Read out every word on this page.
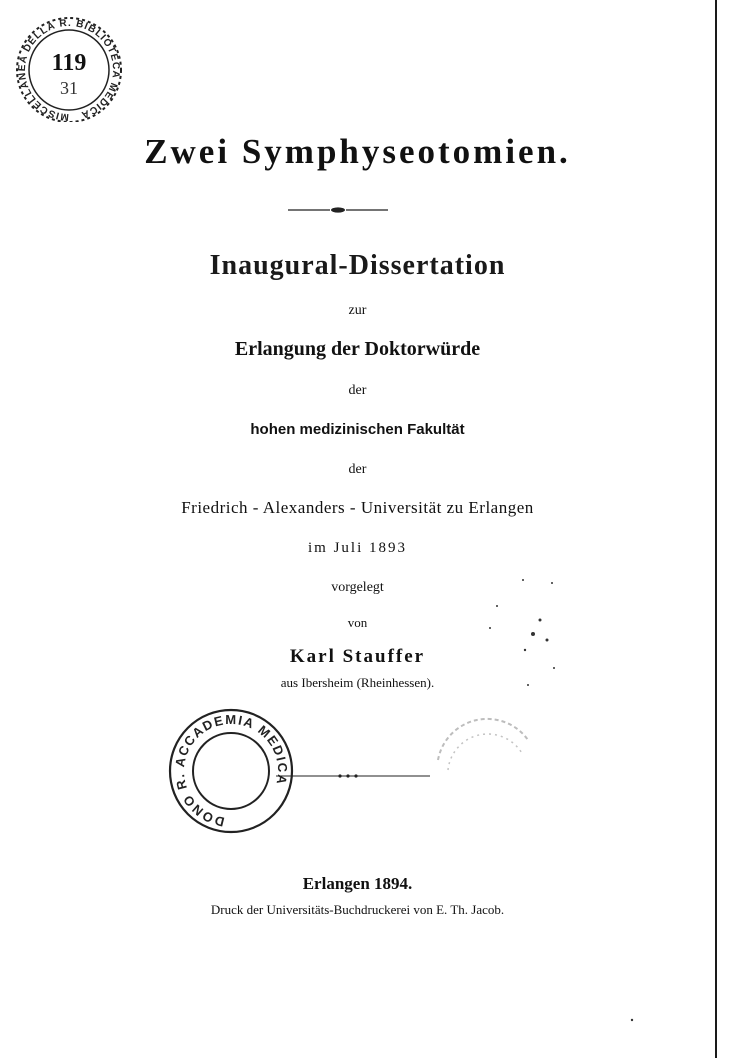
MISCELLANEA DELLA R. BIBLIOTECA MEDICA
119
31
Zwei Symphyseotomien.
Inaugural-Dissertation
zur
Erlangung der Doktorwürde
der
hohen medizinischen Fakultät
der
Friedrich - Alexanders - Universität zu Erlangen
im Juli 1893
vorgelegt
von
Karl Stauffer
aus Ibersheim (Rheinhessen).
DONO R. ACCADEMIA MEDICA
Erlangen 1894.
Druck der Universitäts-Buchdruckerei von E. Th. Jacob.
